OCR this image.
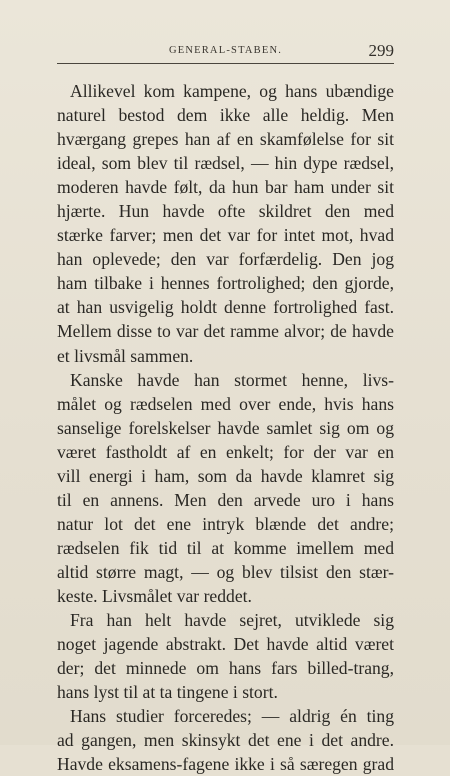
GENERAL-STABEN.	299
Allikevel kom kampene, og hans ubændige
naturel bestod dem ikke alle heldig. Men
hværgang grepes han af en skamfølelse for sit
ideal, som blev til rædsel, — hin dype rædsel,
moderen havde følt, da hun bar ham under sit
hjærte. Hun havde ofte skildret den med
stærke farver; men det var for intet mot, hvad
han oplevede; den var forfærdelig. Den jog
ham tilbake i hennes fortrolighed; den gjorde,
at han usvigelig holdt denne fortrolighed fast.
Mellem disse to var det ramme alvor; de havde
et livsmål sammen.
Kanske havde han stormet henne, livs-
målet og rædselen med over ende, hvis hans
sanselige forelskelser havde samlet sig om og
været fastholdt af en enkelt; for der var en
vill energi i ham, som da havde klamret sig
til en annens. Men den arvede uro i hans
natur lot det ene intryk blænde det andre;
rædselen fik tid til at komme imellem med
altid større magt, — og blev tilsist den stær-
keste. Livsmålet var reddet.
Fra han helt havde sejret, utviklede sig
noget jagende abstrakt. Det havde altid været
der; det minnede om hans fars billed-trang,
hans lyst til at ta tingene i stort.
Hans studier forceredes; — aldrig én ting
ad gangen, men skinsykt det ene i det andre.
Havde eksamens-fagene ikke i så særegen grad
